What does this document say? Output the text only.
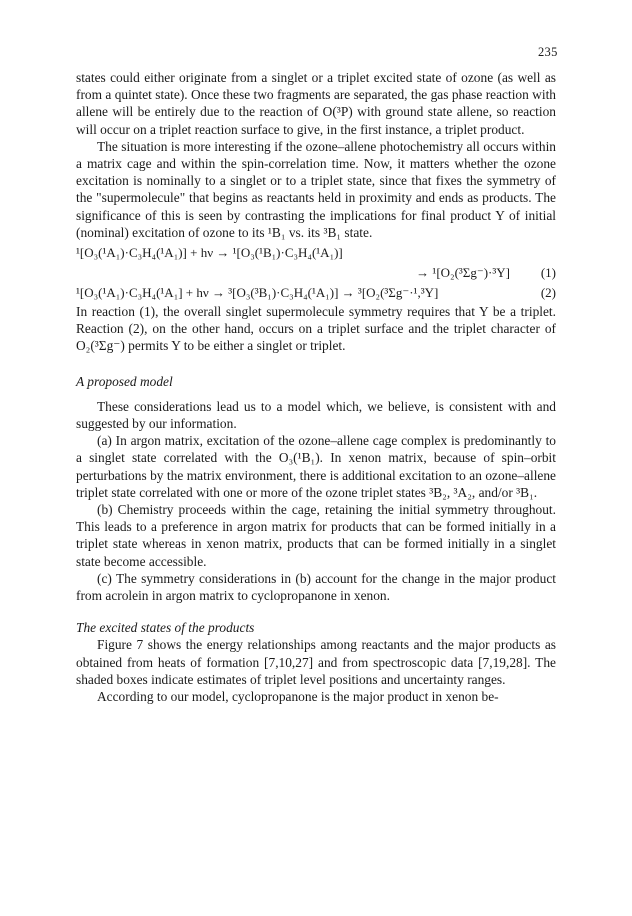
235

states could either originate from a singlet or a triplet excited state of ozone (as well as from a quintet state). Once these two fragments are separated, the gas phase reaction with allene will be entirely due to the reaction of O(³P) with ground state allene, so reaction will occur on a triplet reaction surface to give, in the first instance, a triplet product.

The situation is more interesting if the ozone–allene photochemistry all occurs within a matrix cage and within the spin-correlation time. Now, it matters whether the ozone excitation is nominally to a singlet or to a triplet state, since that fixes the symmetry of the "supermolecule" that begins as reactants held in proximity and ends as products. The significance of this is seen by contrasting the implications for final product Y of initial (nominal) excitation of ozone to its ¹B₁ vs. its ³B₁ state.

¹[O₃(¹A₁)·C₃H₄(¹A₁)] + hν → ¹[O₃(¹B₁)·C₃H₄(¹A₁)]
→ ¹[O₂(³Σg⁻)·³Y] (1)
¹[O₃(¹A₁)·C₃H₄(¹A₁] + hν → ³[O₃(³B₁)·C₃H₄(¹A₁)] → ³[O₂(³Σg⁻·¹,³Y]	(2)

In reaction (1), the overall singlet supermolecule symmetry requires that Y be a triplet. Reaction (2), on the other hand, occurs on a triplet surface and the triplet character of O₂(³Σg⁻) permits Y to be either a singlet or triplet.

A proposed model

These considerations lead us to a model which, we believe, is consistent with and suggested by our information.

(a) In argon matrix, excitation of the ozone–allene cage complex is predominantly to a singlet state correlated with the O₃(¹B₁). In xenon matrix, because of spin–orbit perturbations by the matrix environment, there is additional excitation to an ozone–allene triplet state correlated with one or more of the ozone triplet states ³B₂, ³A₂, and/or ³B₁.

(b) Chemistry proceeds within the cage, retaining the initial symmetry throughout. This leads to a preference in argon matrix for products that can be formed initially in a triplet state whereas in xenon matrix, products that can be formed initially in a singlet state become accessible.

(c) The symmetry considerations in (b) account for the change in the major product from acrolein in argon matrix to cyclopropanone in xenon.

The excited states of the products

Figure 7 shows the energy relationships among reactants and the major products as obtained from heats of formation [7,10,27] and from spectroscopic data [7,19,28]. The shaded boxes indicate estimates of triplet level positions and uncertainty ranges.

According to our model, cyclopropanone is the major product in xenon be-
